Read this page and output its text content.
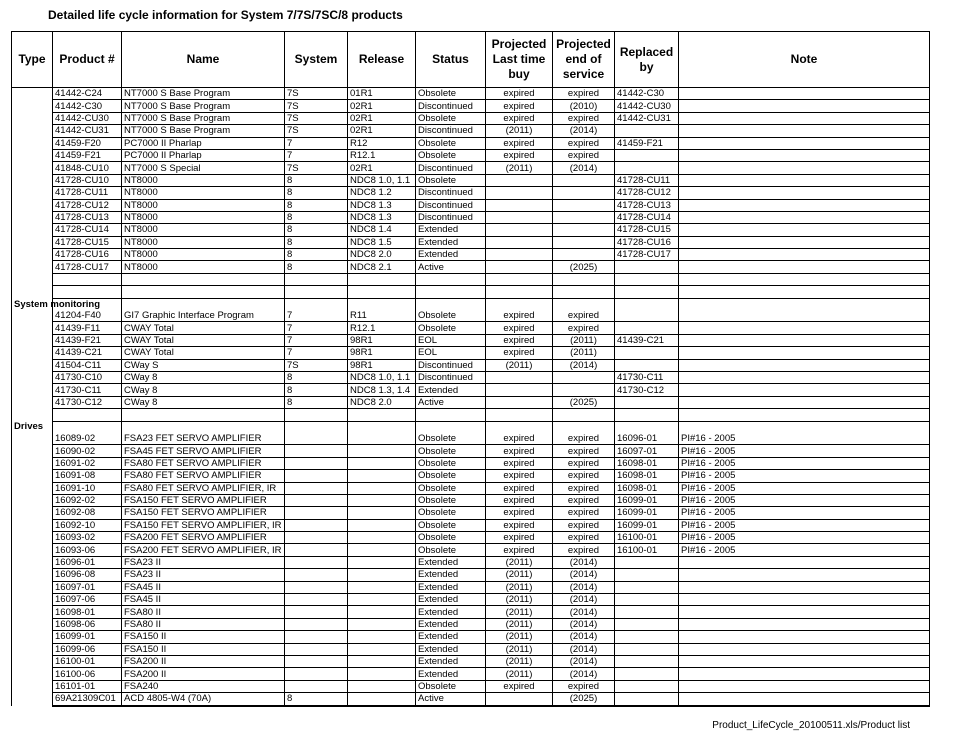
Detailed life cycle information for System 7/7S/7SC/8 products
Type	Product #	Name	System	Release	Status	Projected Last time buy	Projected end of service	Replaced by	Note
	41442-C24	NT7000 S Base Program	7S	01R1	Obsolete	expired	expired	41442-C30	
	41442-C30	NT7000 S Base Program	7S	02R1	Discontinued	expired	(2010)	41442-CU30	
	41442-CU30	NT7000 S Base Program	7S	02R1	Obsolete	expired	expired	41442-CU31	
	41442-CU31	NT7000 S Base Program	7S	02R1	Discontinued	(2011)	(2014)		
	41459-F20	PC7000 II Pharlap	7	R12	Obsolete	expired	expired	41459-F21	
	41459-F21	PC7000 II Pharlap	7	R12.1	Obsolete	expired	expired		
	41848-CU10	NT7000 S Special	7S	02R1	Discontinued	(2011)	(2014)		
	41728-CU10	NT8000	8	NDC8 1.0, 1.1	Obsolete			41728-CU11	
	41728-CU11	NT8000	8	NDC8 1.2	Discontinued			41728-CU12	
	41728-CU12	NT8000	8	NDC8 1.3	Discontinued			41728-CU13	
	41728-CU13	NT8000	8	NDC8 1.3	Discontinued			41728-CU14	
	41728-CU14	NT8000	8	NDC8 1.4	Extended			41728-CU15	
	41728-CU15	NT8000	8	NDC8 1.5	Extended			41728-CU16	
	41728-CU16	NT8000	8	NDC8 2.0	Extended			41728-CU17	
	41728-CU17	NT8000	8	NDC8 2.1	Active		(2025)		

System monitoring									
	41204-F40	GI7 Graphic Interface Program	7	R11	Obsolete	expired	expired		
	41439-F11	CWAY Total	7	R12.1	Obsolete	expired	expired		
	41439-F21	CWAY Total	7	98R1	EOL	expired	(2011)	41439-C21	
	41439-C21	CWAY Total	7	98R1	EOL	expired	(2011)		
	41504-C11	CWay S	7S	98R1	Discontinued	(2011)	(2014)		
	41730-C10	CWay 8	8	NDC8 1.0, 1.1	Discontinued			41730-C11	
	41730-C11	CWay 8	8	NDC8 1.3, 1.4	Extended			41730-C12	
	41730-C12	CWay 8	8	NDC8 2.0	Active		(2025)		

Drives									
	16089-02	FSA23 FET SERVO AMPLIFIER			Obsolete	expired	expired	16096-01	PI#16 - 2005
	16090-02	FSA45 FET SERVO AMPLIFIER			Obsolete	expired	expired	16097-01	PI#16 - 2005
	16091-02	FSA80 FET SERVO AMPLIFIER			Obsolete	expired	expired	16098-01	PI#16 - 2005
	16091-08	FSA80 FET SERVO AMPLIFIER			Obsolete	expired	expired	16098-01	PI#16 - 2005
	16091-10	FSA80 FET SERVO AMPLIFIER, IR			Obsolete	expired	expired	16098-01	PI#16 - 2005
	16092-02	FSA150 FET SERVO AMPLIFIER			Obsolete	expired	expired	16099-01	PI#16 - 2005
	16092-08	FSA150 FET SERVO AMPLIFIER			Obsolete	expired	expired	16099-01	PI#16 - 2005
	16092-10	FSA150 FET SERVO AMPLIFIER, IR			Obsolete	expired	expired	16099-01	PI#16 - 2005
	16093-02	FSA200 FET SERVO AMPLIFIER			Obsolete	expired	expired	16100-01	PI#16 - 2005
	16093-06	FSA200 FET SERVO AMPLIFIER, IR			Obsolete	expired	expired	16100-01	PI#16 - 2005
	16096-01	FSA23 II			Extended	(2011)	(2014)		
	16096-08	FSA23 II			Extended	(2011)	(2014)		
	16097-01	FSA45 II			Extended	(2011)	(2014)		
	16097-06	FSA45 II			Extended	(2011)	(2014)		
	16098-01	FSA80 II			Extended	(2011)	(2014)		
	16098-06	FSA80 II			Extended	(2011)	(2014)		
	16099-01	FSA150 II			Extended	(2011)	(2014)		
	16099-06	FSA150 II			Extended	(2011)	(2014)		
	16100-01	FSA200 II			Extended	(2011)	(2014)		
	16100-06	FSA200 II			Extended	(2011)	(2014)		
	16101-01	FSA240			Obsolete	expired	expired		
	69A21309C01	ACD 4805-W4 (70A)	8		Active		(2025)		
Product_LifeCycle_20100511.xls/Product list
